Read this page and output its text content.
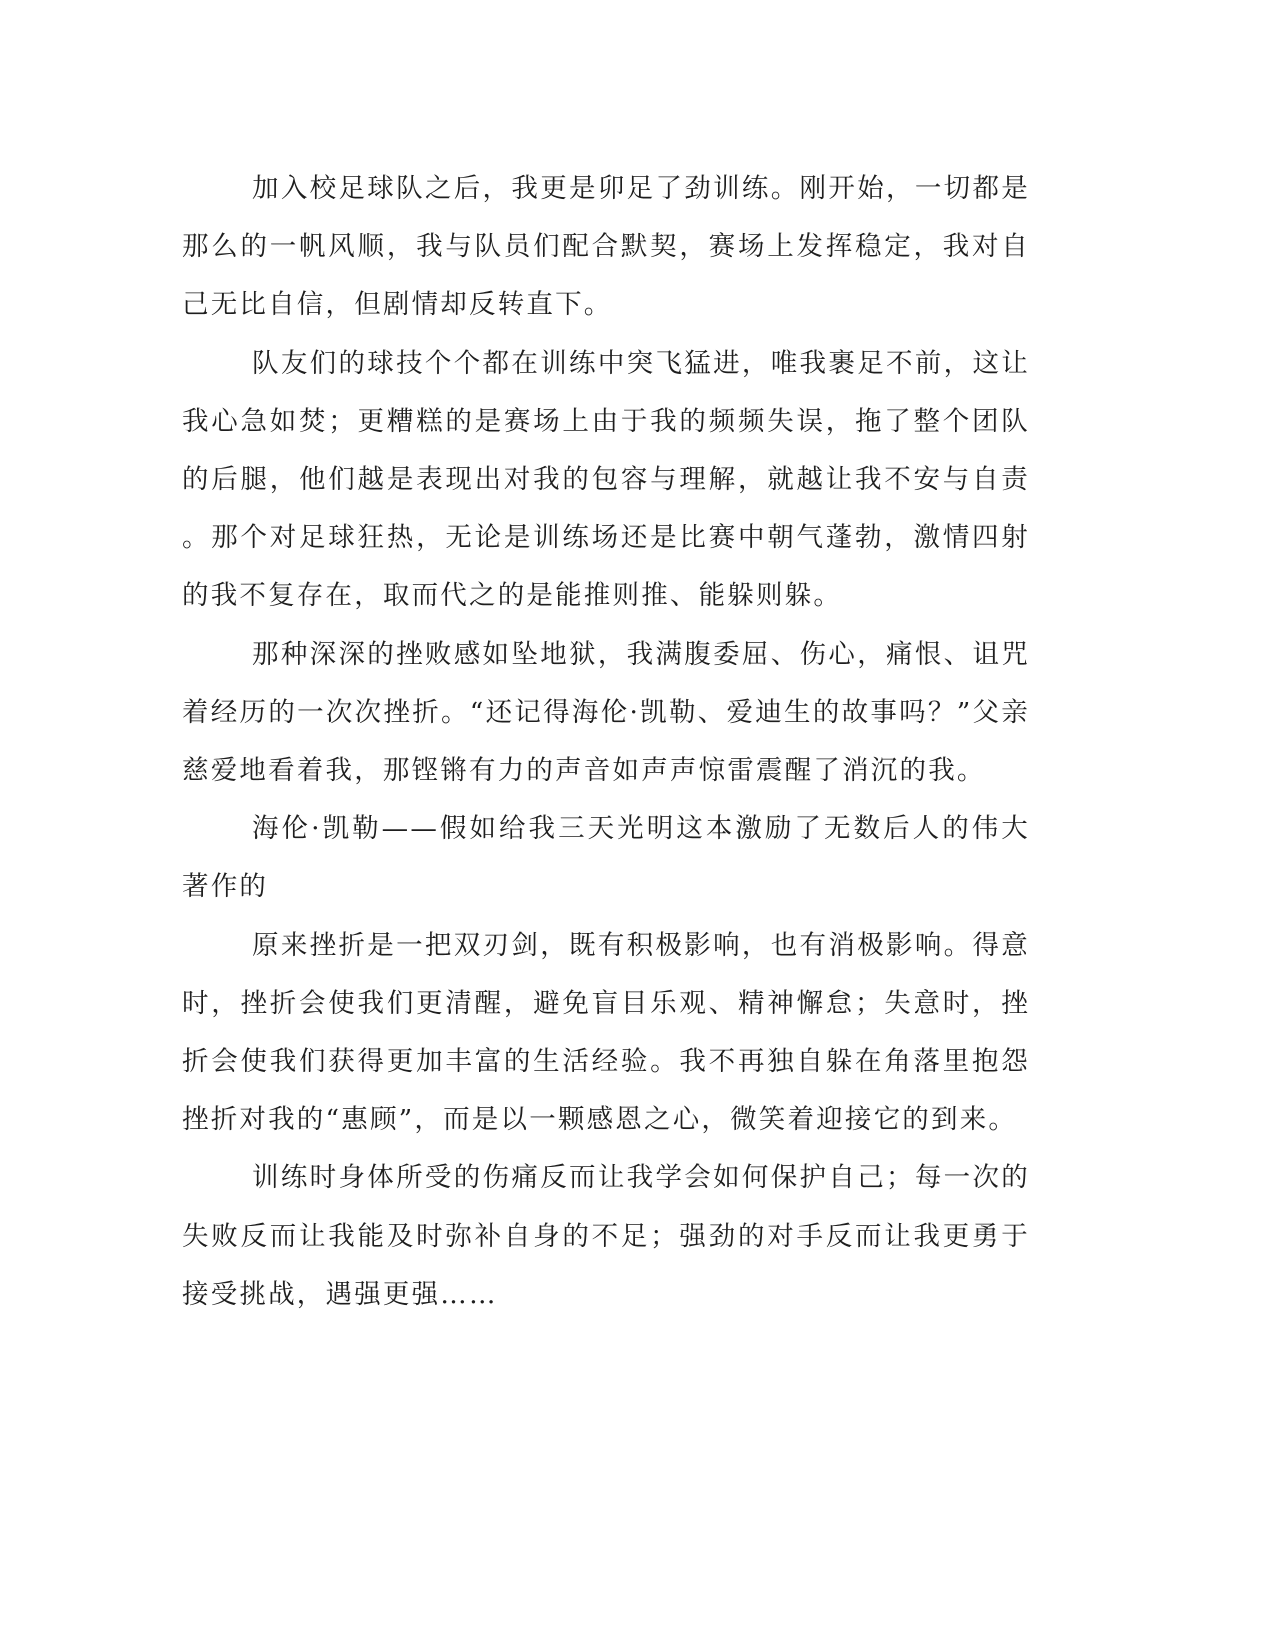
加入校足球队之后，我更是卯足了劲训练。刚开始，一切都是那么的一帆风顺，我与队员们配合默契，赛场上发挥稳定，我对自己无比自信，但剧情却反转直下。

队友们的球技个个都在训练中突飞猛进，唯我裹足不前，这让我心急如焚；更糟糕的是赛场上由于我的频频失误，拖了整个团队的后腿，他们越是表现出对我的包容与理解，就越让我不安与自责。那个对足球狂热，无论是训练场还是比赛中朝气蓬勃，激情四射的我不复存在，取而代之的是能推则推、能躲则躲。

那种深深的挫败感如坠地狱，我满腹委屈、伤心，痛恨、诅咒着经历的一次次挫折。“还记得海伦·凯勒、爱迪生的故事吗？”父亲慈爱地看着我，那铿锵有力的声音如声声惊雷震醒了消沉的我。

海伦·凯勒——假如给我三天光明这本激励了无数后人的伟大著作的

原来挫折是一把双刃剑，既有积极影响，也有消极影响。得意时，挫折会使我们更清醒，避免盲目乐观、精神懈怠；失意时，挫折会使我们获得更加丰富的生活经验。我不再独自躲在角落里抱怨挫折对我的“惠顾”，而是以一颗感恩之心，微笑着迎接它的到来。

训练时身体所受的伤痛反而让我学会如何保护自己；每一次的失败反而让我能及时弥补自身的不足；强劲的对手反而让我更勇于接受挑战，遇强更强……
